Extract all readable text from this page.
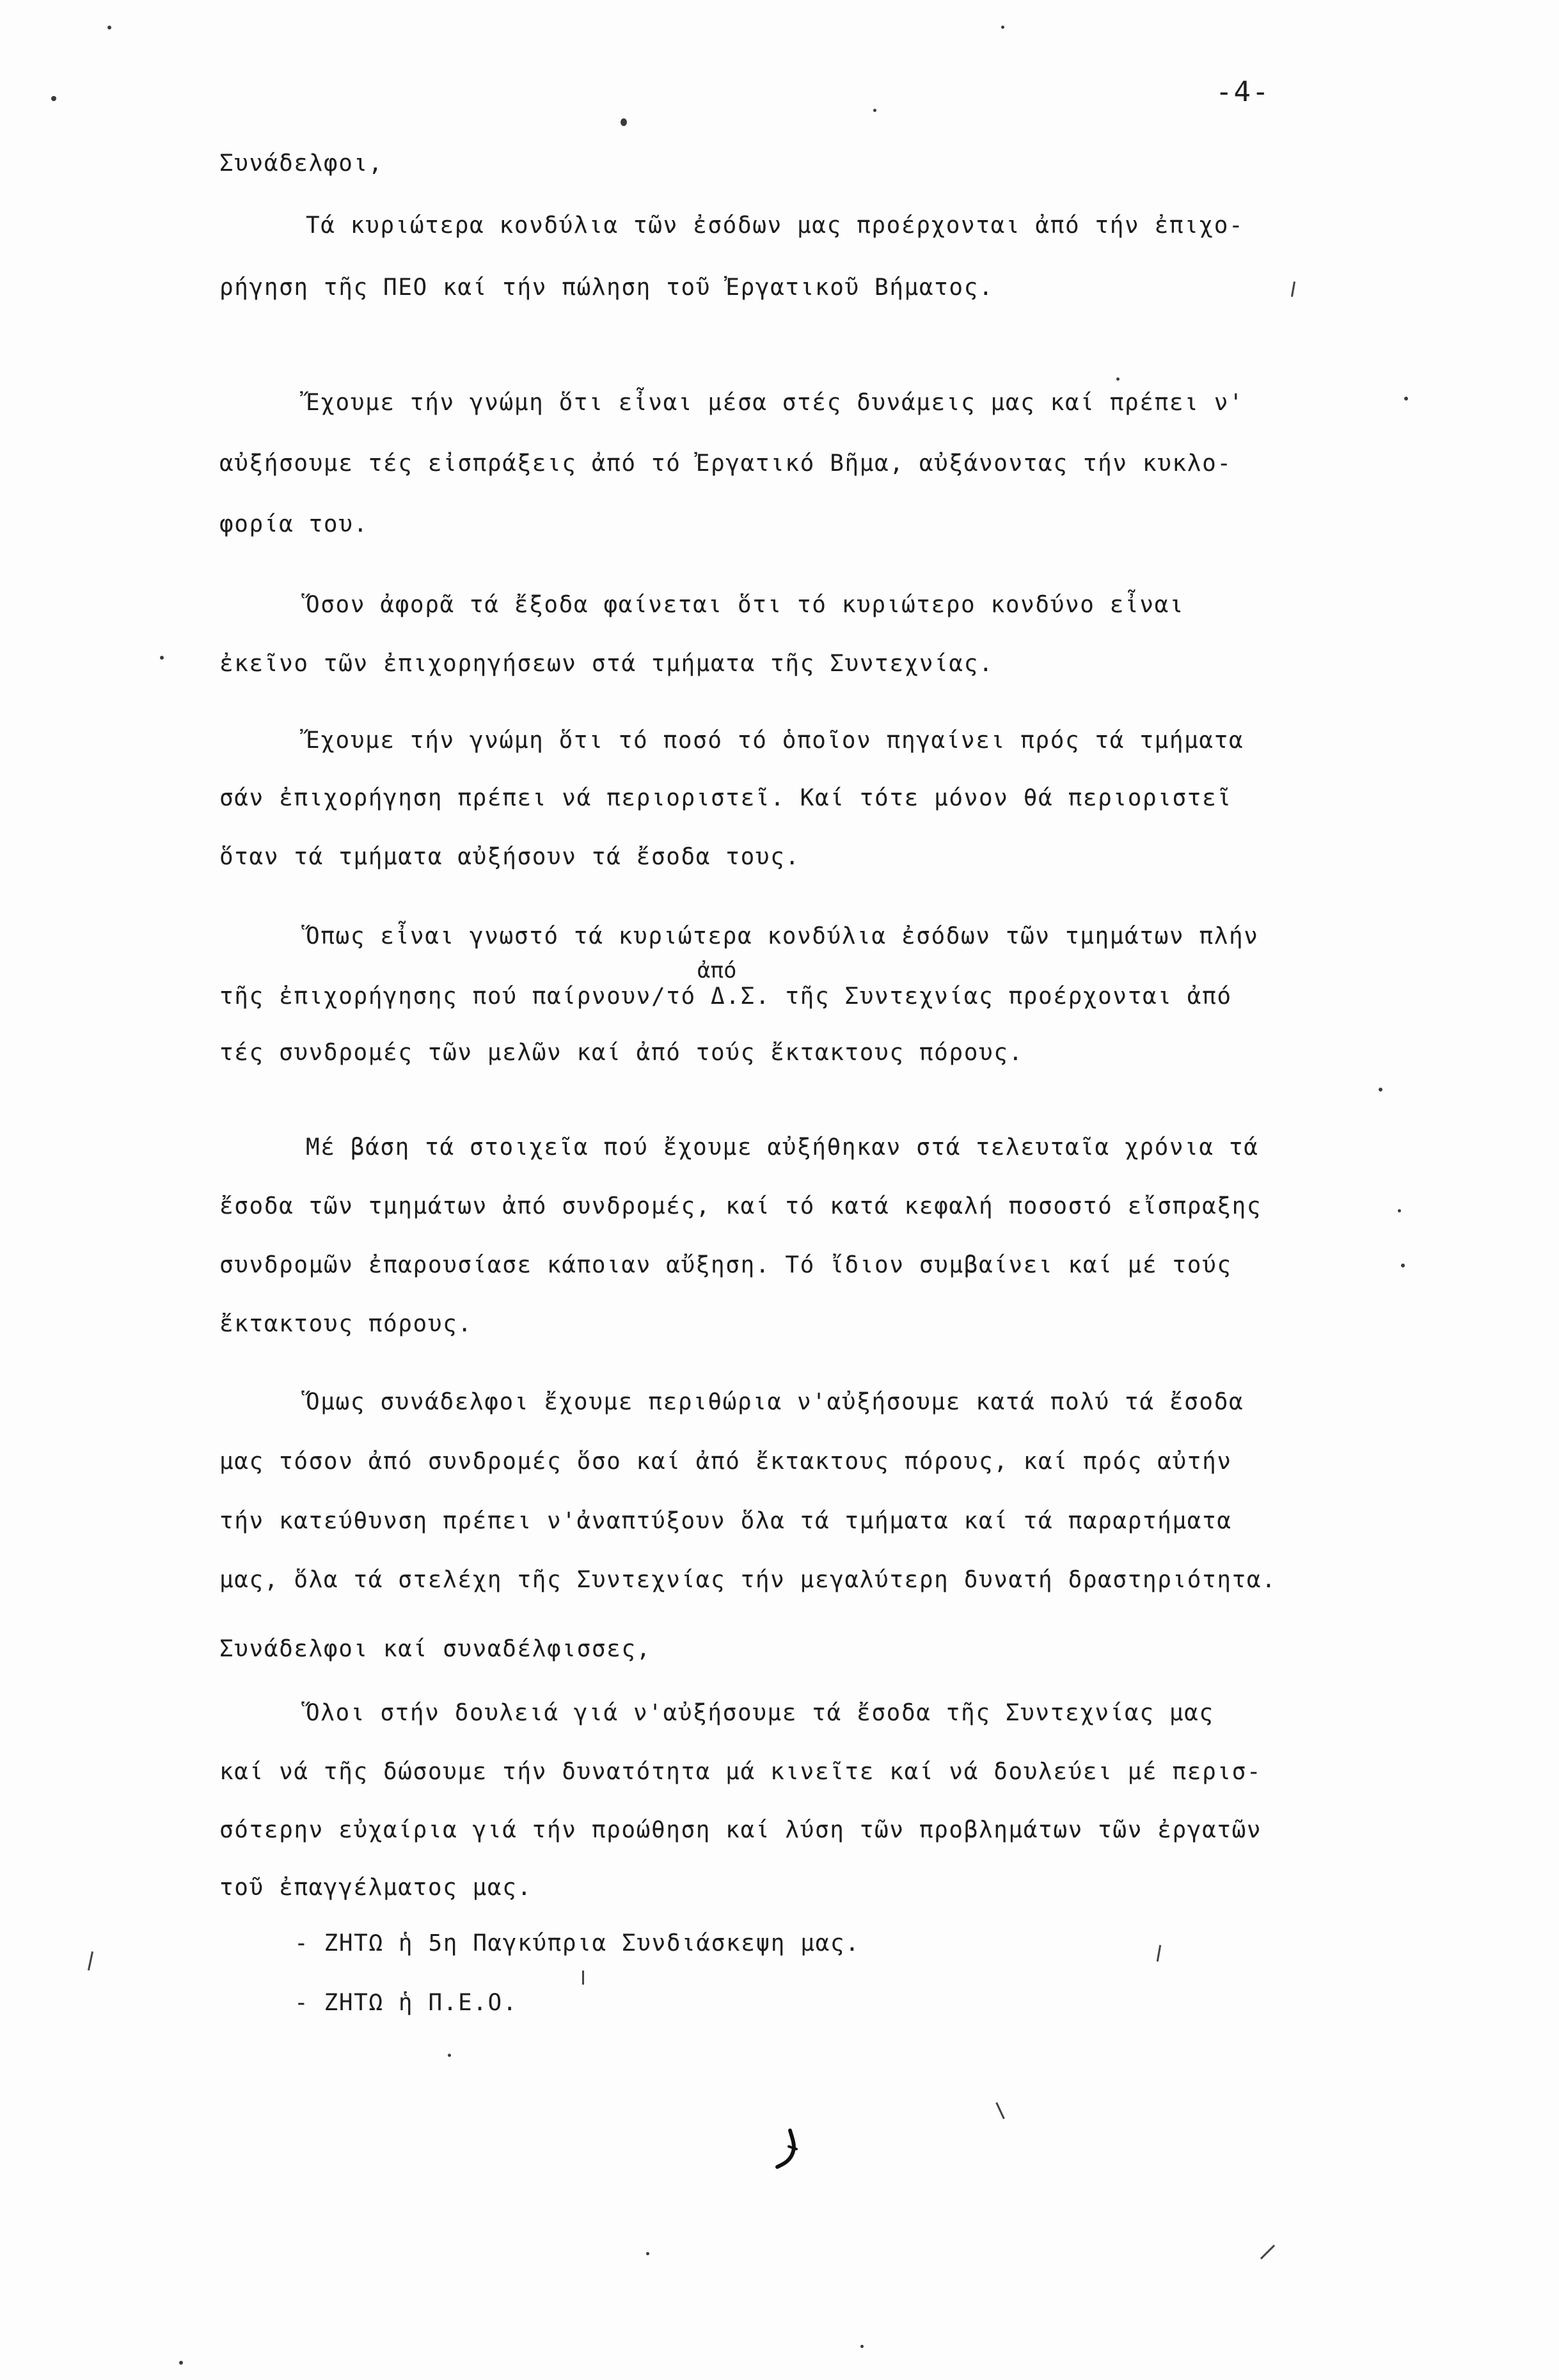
-4-
Συνάδελφοι,
Τά κυριώτερα κονδύλια τῶν ἐσόδων μας προέρχονται ἀπό τήν ἐπιχο-
ρήγηση τῆς ΠΕΟ καί τήν πώληση τοῦ Ἐργατικοῦ Βήματος.
Ἔχουμε τήν γνώμη ὅτι εἶναι μέσα στές δυνάμεις μας καί πρέπει ν'
αὐξήσουμε τές εἰσπράξεις ἀπό τό Ἐργατικό Βῆμα, αὐξάνοντας τήν κυκλο-
φορία του.
Ὅσον ἀφορᾶ τά ἔξοδα φαίνεται ὅτι τό κυριώτερο κονδύνο εἶναι
ἐκεῖνο τῶν ἐπιχορηγήσεων στά τμήματα τῆς Συντεχνίας.
Ἔχουμε τήν γνώμη ὅτι τό ποσό τό ὁποῖον πηγαίνει πρός τά τμήματα
σάν ἐπιχορήγηση πρέπει νά περιοριστεῖ. Καί τότε μόνον θά περιοριστεῖ
ὅταν τά τμήματα αὐξήσουν τά ἔσοδα τους.
Ὅπως εἶναι γνωστό τά κυριώτερα κονδύλια ἐσόδων τῶν τμημάτων πλήν
ἀπό
τῆς ἐπιχορήγησης πού παίρνουν/τό Δ.Σ. τῆς Συντεχνίας προέρχονται ἀπό
τές συνδρομές τῶν μελῶν καί ἀπό τούς ἔκτακτους πόρους.
Μέ βάση τά στοιχεῖα πού ἔχουμε αὐξήθηκαν στά τελευταῖα χρόνια τά
ἔσοδα τῶν τμημάτων ἀπό συνδρομές, καί τό κατά κεφαλή ποσοστό εἴσπραξης
συνδρομῶν ἐπαρουσίασε κάποιαν αὔξηση. Τό ἴδιον συμβαίνει καί μέ τούς
ἔκτακτους πόρους.
Ὅμως συνάδελφοι ἔχουμε περιθώρια ν'αὐξήσουμε κατά πολύ τά ἔσοδα
μας τόσον ἀπό συνδρομές ὅσο καί ἀπό ἔκτακτους πόρους, καί πρός αὐτήν
τήν κατεύθυνση πρέπει ν'ἀναπτύξουν ὅλα τά τμήματα καί τά παραρτήματα
μας, ὅλα τά στελέχη τῆς Συντεχνίας τήν μεγαλύτερη δυνατή δραστηριότητα.
Συνάδελφοι καί συναδέλφισσες,
Ὅλοι στήν δουλειά γιά ν'αὐξήσουμε τά ἔσοδα τῆς Συντεχνίας μας
καί νά τῆς δώσουμε τήν δυνατότητα μά κινεῖτε καί νά δουλεύει μέ περισ-
σότερην εὐχαίρια γιά τήν προώθηση καί λύση τῶν προβλημάτων τῶν ἐργατῶν
τοῦ ἐπαγγέλματος μας.
- ΖΗΤΩ ἡ 5η Παγκύπρια Συνδιάσκεψη μας.
- ΖΗΤΩ ἡ Π.Ε.Ο.
